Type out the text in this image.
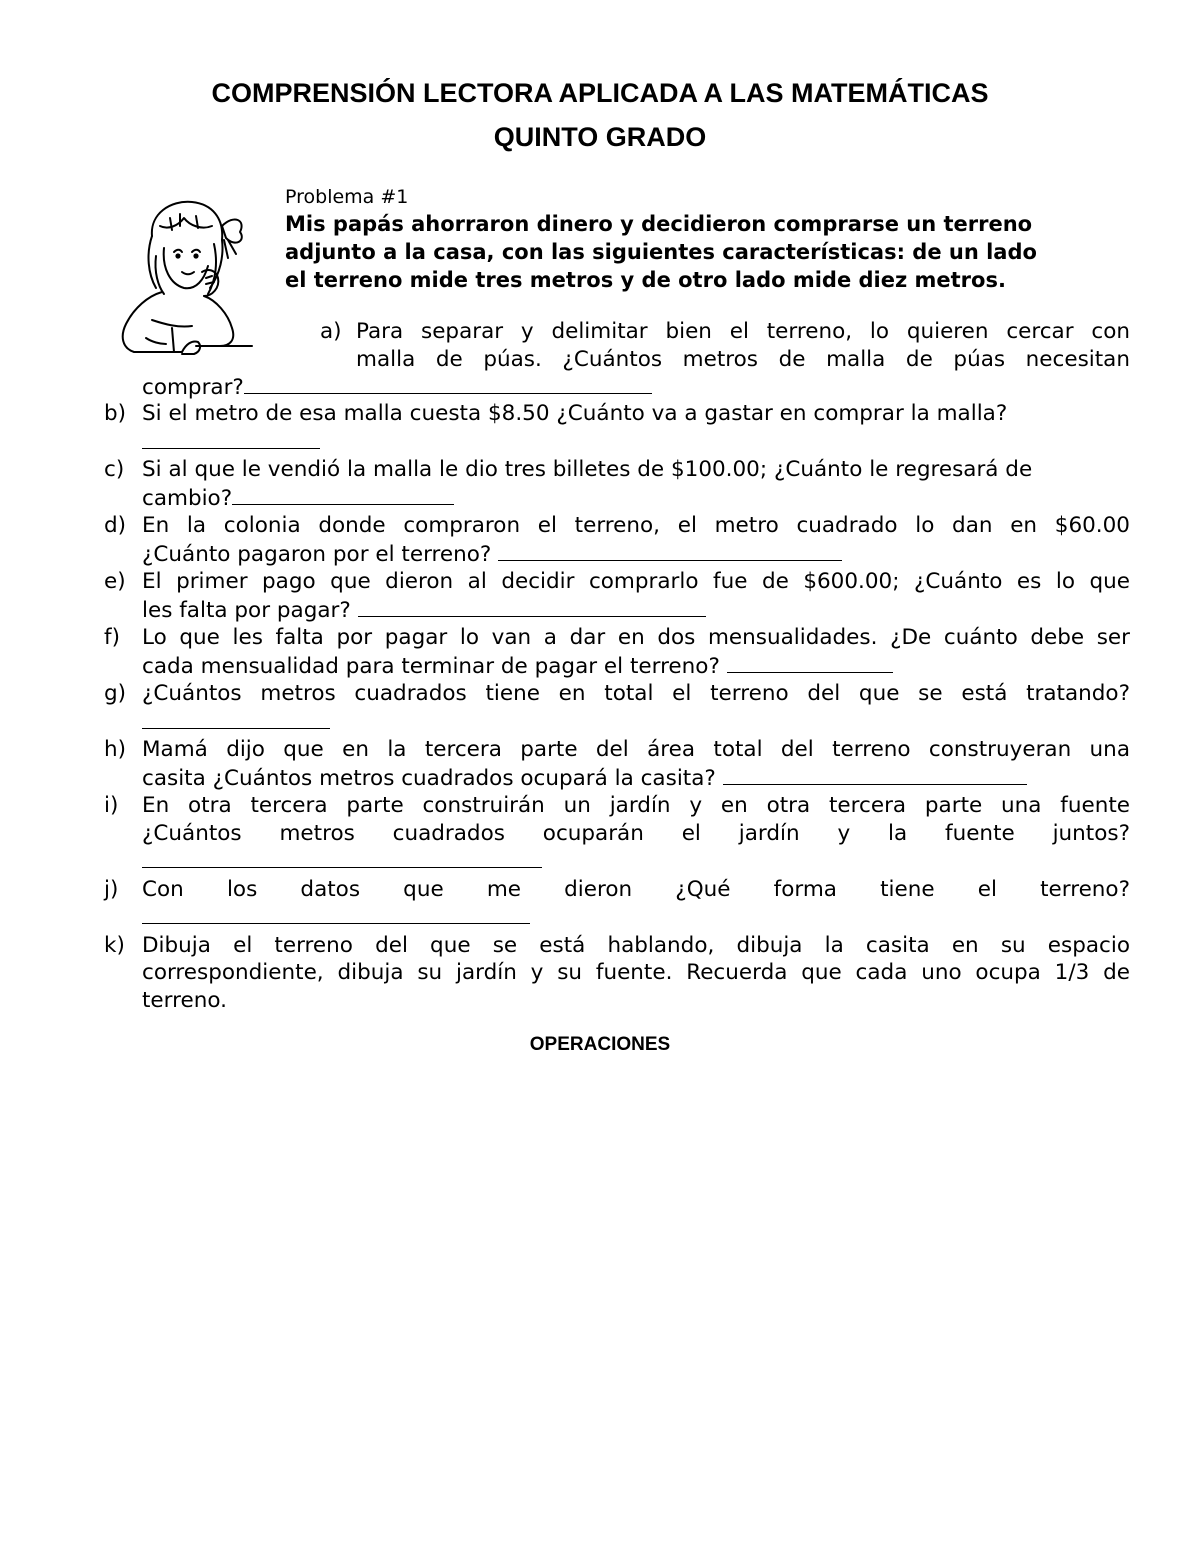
COMPRENSIÓN LECTORA APLICADA A LAS MATEMÁTICAS
QUINTO GRADO
Problema #1
Mis papás ahorraron dinero y decidieron comprarse un terreno
adjunto a la casa, con las siguientes características: de un lado
el terreno mide tres metros y de otro lado mide diez metros.
a) Para separar y delimitar bien el terreno, lo quieren cercar con
malla de púas. ¿Cuántos metros de malla de púas necesitan
comprar?
b) Si el metro de esa malla cuesta $8.50 ¿Cuánto va a gastar en comprar la malla?
c) Si al que le vendió la malla le dio tres billetes de $100.00; ¿Cuánto le regresará de
cambio?
d) En la colonia donde compraron el terreno, el metro cuadrado lo dan en $60.00
¿Cuánto pagaron por el terreno?
e) El primer pago que dieron al decidir comprarlo fue de $600.00; ¿Cuánto es lo que
les falta por pagar?
f) Lo que les falta por pagar lo van a dar en dos mensualidades. ¿De cuánto debe ser
cada mensualidad para terminar de pagar el terreno?
g) ¿Cuántos metros cuadrados tiene en total el terreno del que se está tratando?
h) Mamá dijo que en la tercera parte del área total del terreno construyeran una
casita ¿Cuántos metros cuadrados ocupará la casita?
i) En otra tercera parte construirán un jardín y en otra tercera parte una fuente
¿Cuántos metros cuadrados ocuparán el jardín y la fuente juntos?
j) Con los datos que me dieron ¿Qué forma tiene el terreno?
k) Dibuja el terreno del que se está hablando, dibuja la casita en su espacio
correspondiente, dibuja su jardín y su fuente. Recuerda que cada uno ocupa 1/3 de
terreno.
OPERACIONES
